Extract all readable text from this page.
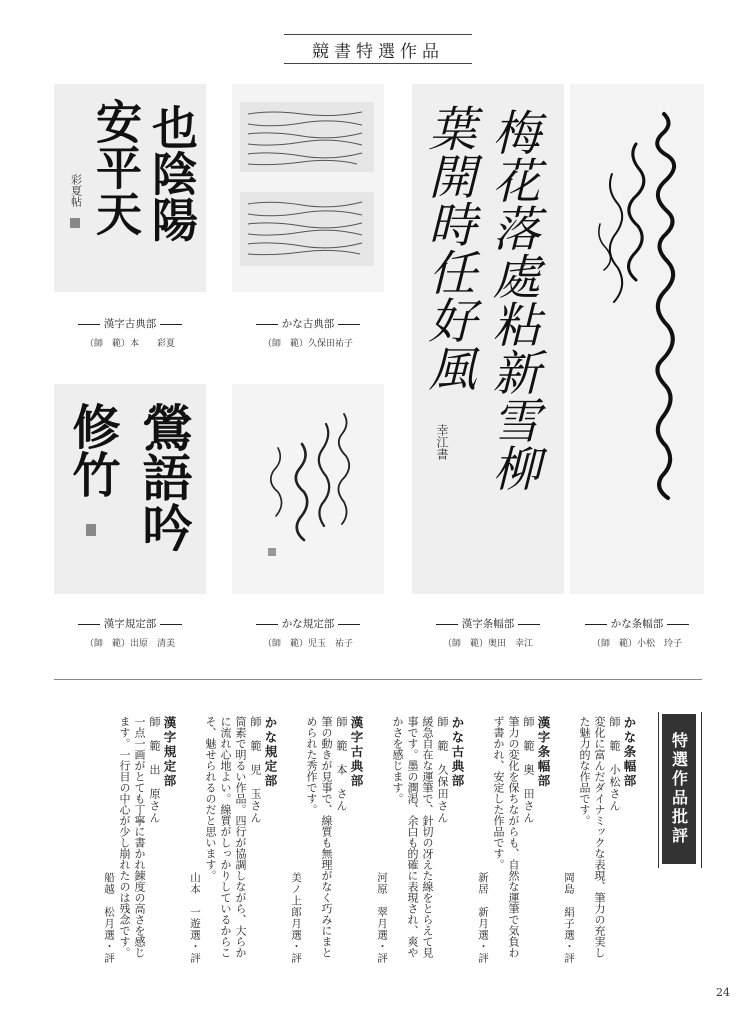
競書特選作品
也陰陽
安平天
彩夏帖
漢字古典部
（師　範）本　　彩夏
かな古典部
（師　範）久保田祐子	梅花落處粘新雪柳
葉開時任好風
幸江書
漢字条幅部
（師　範）奥田　幸江
かな条幅部
（師　範）小松　玲子
鶯語吟
修竹
漢字規定部
（師　範）出原　清美
かな規定部
（師　範）児玉　祐子
特選作品批評
かな条幅部
師　範　小松さん
変化に富んだダイナミックな表現、筆力の充実し
た魅力的な作品です。
岡島　絹子選・評
漢字条幅部
師　範　奥　田さん
筆力の変化を保ちながらも、自然な運筆で気負わ
ず書かれ、安定した作品です。
新居　新月選・評
かな古典部
師　範　久保田さん
緩急自在な運筆で、針切の冴えた線をとらえて見
事です。墨の潤渇、余白も的確に表現され、爽や
かさを感じます。
河原　翠月選・評
漢字古典部
師　範　本　さん
筆の動きが見事で、線質も無理がなく巧みにまと
められた秀作です。
美ノ上郎月選・評
かな規定部
師　範　児　玉さん
筒素で明るい作品。四行が協調しながら、大らか
に流れ心地よい。線質がしっかりしているからこ
そ、魅せられるのだと思います。
山本　一遊選・評
漢字規定部
師　範　出　原さん
一点一画がとても丁寧に書かれ錬度の高さを感じ
ます。一行目の中心が少し崩れたのは残念です。
船越　松月選・評
24
